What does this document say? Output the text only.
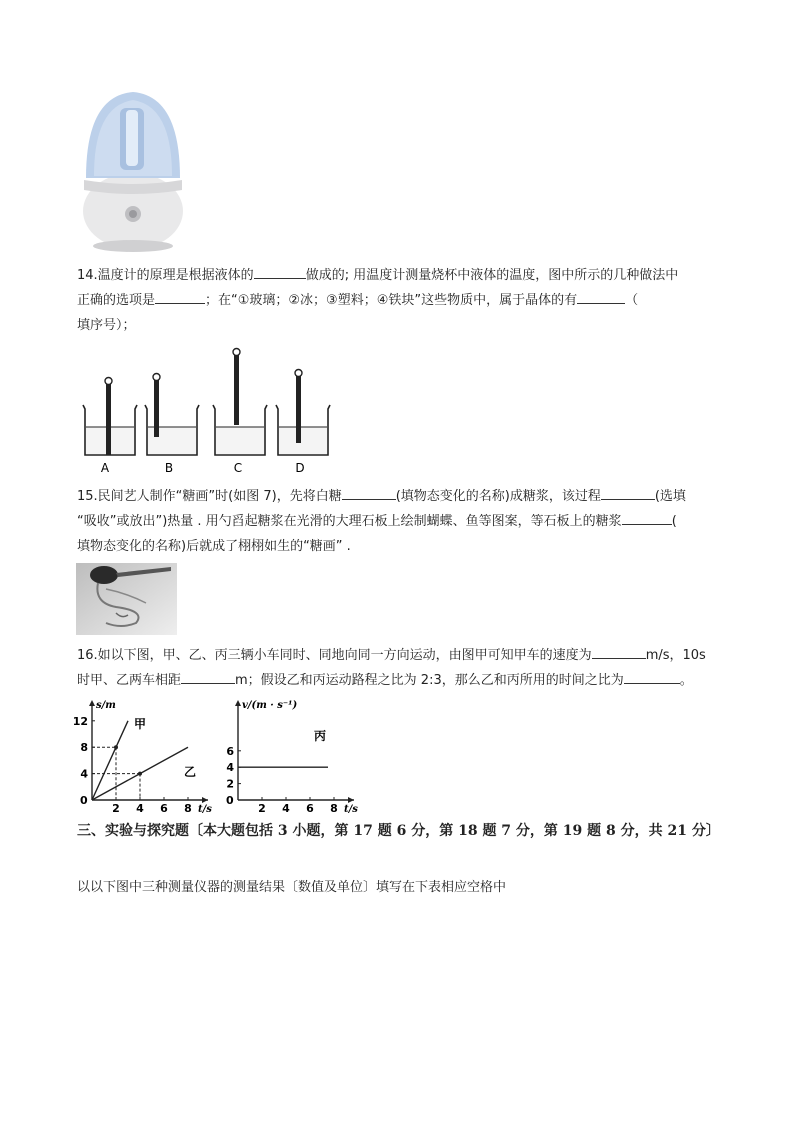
14.温度计的原理是根据液体的	做成的; 用温度计测量烧杯中液体的温度，图中所示的几种做法中
正确的选项是	；在“①玻璃；②冰；③塑料；④铁块”这些物质中，属于晶体的有	（
填序号）；
A	B	C	D
15.民间艺人制作“糖画”时(如图 7)，先将白糖	(填物态变化的名称)成糖浆，该过程	(选填
“吸收”或放出”)热量 . 用勺舀起糖浆在光滑的大理石板上绘制蝴蝶、鱼等图案，等石板上的糖浆	(
填物态变化的名称)后就成了栩栩如生的“糖画” .
16.如以下图，甲、乙、丙三辆小车同时、同地向同一方向运动，由图甲可知甲车的速度为	m/s，10s
时甲、乙两车相距	m；假设乙和丙运动路程之比为 2:3，那么乙和丙所用的时间之比为	。
s/m
t/s
0
2 4 6 8
4
8
12	甲
乙
v/(m · s⁻¹)
t/s
0
2 4 6 8
2
4
6
丙
三、实验与探究题〔本大题包括 3 小题，第 17 题 6 分，第 18 题 7 分，第 19 题 8 分，共 21 分〕
以以下图中三种测量仪器的测量结果〔数值及单位〕填写在下表相应空格中
